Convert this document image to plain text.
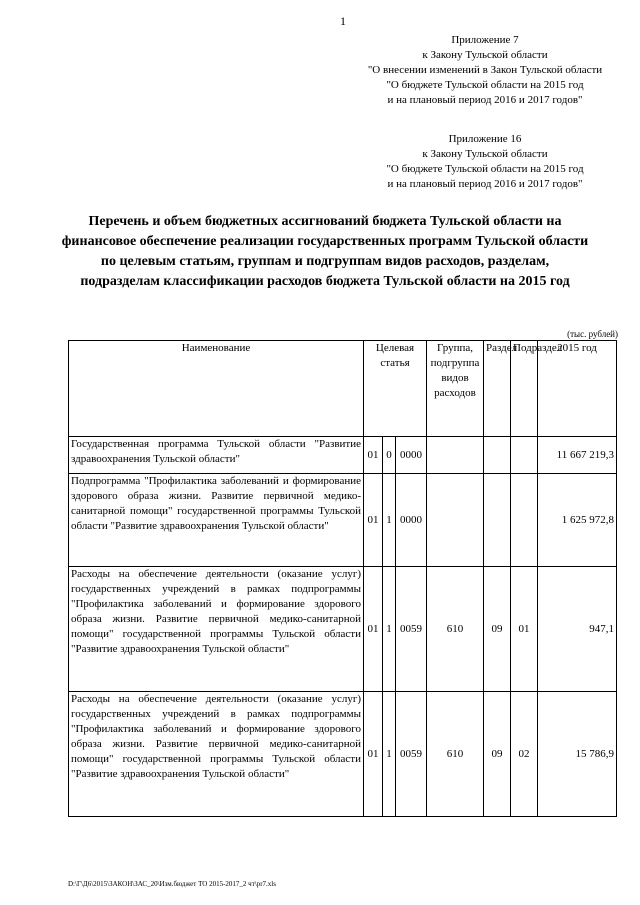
1
Приложение 7
к Закону Тульской области
"О внесении изменений в Закон Тульской области
"О бюджете Тульской области на 2015 год
и на плановый период 2016 и 2017 годов"
Приложение 16
к Закону Тульской области
"О бюджете Тульской области на 2015 год
и на плановый период 2016 и 2017 годов"
Перечень и объем бюджетных ассигнований бюджета Тульской области на финансовое обеспечение реализации государственных программ Тульской области по целевым статьям, группам и подгруппам видов расходов, разделам, подразделам классификации расходов бюджета Тульской области на 2015 год
(тыс. рублей)
Наименование	Целевая статья			Группа, подгруппа видов расходов	Раздел	Подраздел	2015 год
Государственная программа Тульской области "Развитие здравоохранения Тульской области"	01	0	0000				11 667 219,3
Подпрограмма "Профилактика заболеваний и формирование здорового образа жизни. Развитие первичной медико-санитарной помощи" государственной программы Тульской области "Развитие здравоохранения Тульской области"	01	1	0000				1 625 972,8
Расходы на обеспечение деятельности (оказание услуг) государственных учреждений в рамках подпрограммы "Профилактика заболеваний и формирование здорового образа жизни. Развитие первичной медико-санитарной помощи" государственной программы Тульской области "Развитие здравоохранения Тульской области"	01	1	0059	610	09	01	947,1
Расходы на обеспечение деятельности (оказание услуг) государственных учреждений в рамках подпрограммы "Профилактика заболеваний и формирование здорового образа жизни. Развитие первичной медико-санитарной помощи" государственной программы Тульской области "Развитие здравоохранения Тульской области"	01	1	0059	610	09	02	15 786,9
D:\Г\Д6\2015\ЗАКОН\ЗАС_20\Изм.бюджет ТО 2015-2017_2 чт\pr7.xls
